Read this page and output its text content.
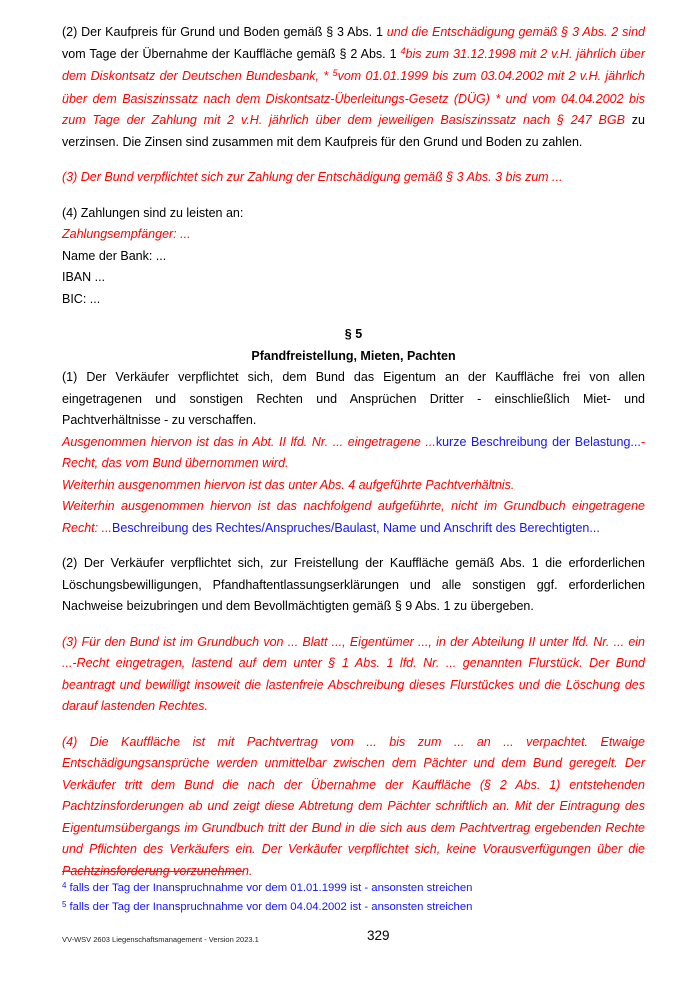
(2) Der Kaufpreis für Grund und Boden gemäß § 3 Abs. 1 und die Entschädigung gemäß § 3 Abs. 2 sind vom Tage der Übernahme der Kauffläche gemäß § 2 Abs. 1 $^4$bis zum 31.12.1998 mit 2 v.H. jährlich über dem Diskontsatz der Deutschen Bundesbank, * $^5$vom 01.01.1999 bis zum 03.04.2002 mit 2 v.H. jährlich über dem Basiszinssatz nach dem Diskontsatz-Überleitungs-Gesetz (DÜG) * und vom 04.04.2002 bis zum Tage der Zahlung mit 2 v.H. jährlich über dem jeweiligen Basiszinssatz nach § 247 BGB zu verzinsen. Die Zinsen sind zusammen mit dem Kaufpreis für den Grund und Boden zu zahlen.

(3) Der Bund verpflichtet sich zur Zahlung der Entschädigung gemäß § 3 Abs. 3 bis zum ...

(4) Zahlungen sind zu leisten an:

Zahlungsempfänger: ...

Name der Bank: ...

IBAN ...

BIC: ...

§ 5

Pfandfreistellung, Mieten, Pachten

(1) Der Verkäufer verpflichtet sich, dem Bund das Eigentum an der Kauffläche frei von allen eingetragenen und sonstigen Rechten und Ansprüchen Dritter - einschließlich Miet- und Pachtverhältnisse - zu verschaffen.

Ausgenommen hiervon ist das in Abt. II lfd. Nr. ... eingetragene ...kurze Beschreibung der Belastung...-Recht, das vom Bund übernommen wird.

Weiterhin ausgenommen hiervon ist das unter Abs. 4 aufgeführte Pachtverhältnis.

Weiterhin ausgenommen hiervon ist das nachfolgend aufgeführte, nicht im Grundbuch eingetragene Recht: ...Beschreibung des Rechtes/Anspruches/Baulast, Name und Anschrift des Berechtigten...

(2) Der Verkäufer verpflichtet sich, zur Freistellung der Kauffläche gemäß Abs. 1 die erforderlichen Löschungsbewilligungen, Pfandhaftentlassungserklärungen und alle sonstigen ggf. erforderlichen Nachweise beizubringen und dem Bevollmächtigten gemäß § 9 Abs. 1 zu übergeben.

(3) Für den Bund ist im Grundbuch von ... Blatt ..., Eigentümer ..., in der Abteilung II unter lfd. Nr. ... ein ...-Recht eingetragen, lastend auf dem unter § 1 Abs. 1 lfd. Nr. ... genannten Flurstück. Der Bund beantragt und bewilligt insoweit die lastenfreie Abschreibung dieses Flurstückes und die Löschung des darauf lastenden Rechtes.

(4) Die Kauffläche ist mit Pachtvertrag vom ... bis zum ... an ... verpachtet. Etwaige Entschädigungsansprüche werden unmittelbar zwischen dem Pächter und dem Bund geregelt. Der Verkäufer tritt dem Bund die nach der Übernahme der Kauffläche (§ 2 Abs. 1) entstehenden Pachtzinsforderungen ab und zeigt diese Abtretung dem Pächter schriftlich an. Mit der Eintragung des Eigentumsübergangs im Grundbuch tritt der Bund in die sich aus dem Pachtvertrag ergebenden Rechte und Pflichten des Verkäufers ein. Der Verkäufer verpflichtet sich, keine Vorausverfügungen über die Pachtzinsforderung vorzunehmen.

$^4$ falls der Tag der Inanspruchnahme vor dem 01.01.1999 ist - ansonsten streichen

$^5$ falls der Tag der Inanspruchnahme vor dem 04.04.2002 ist - ansonsten streichen

VV-WSV 2603 Liegenschaftsmanagement - Version 2023.1	329
